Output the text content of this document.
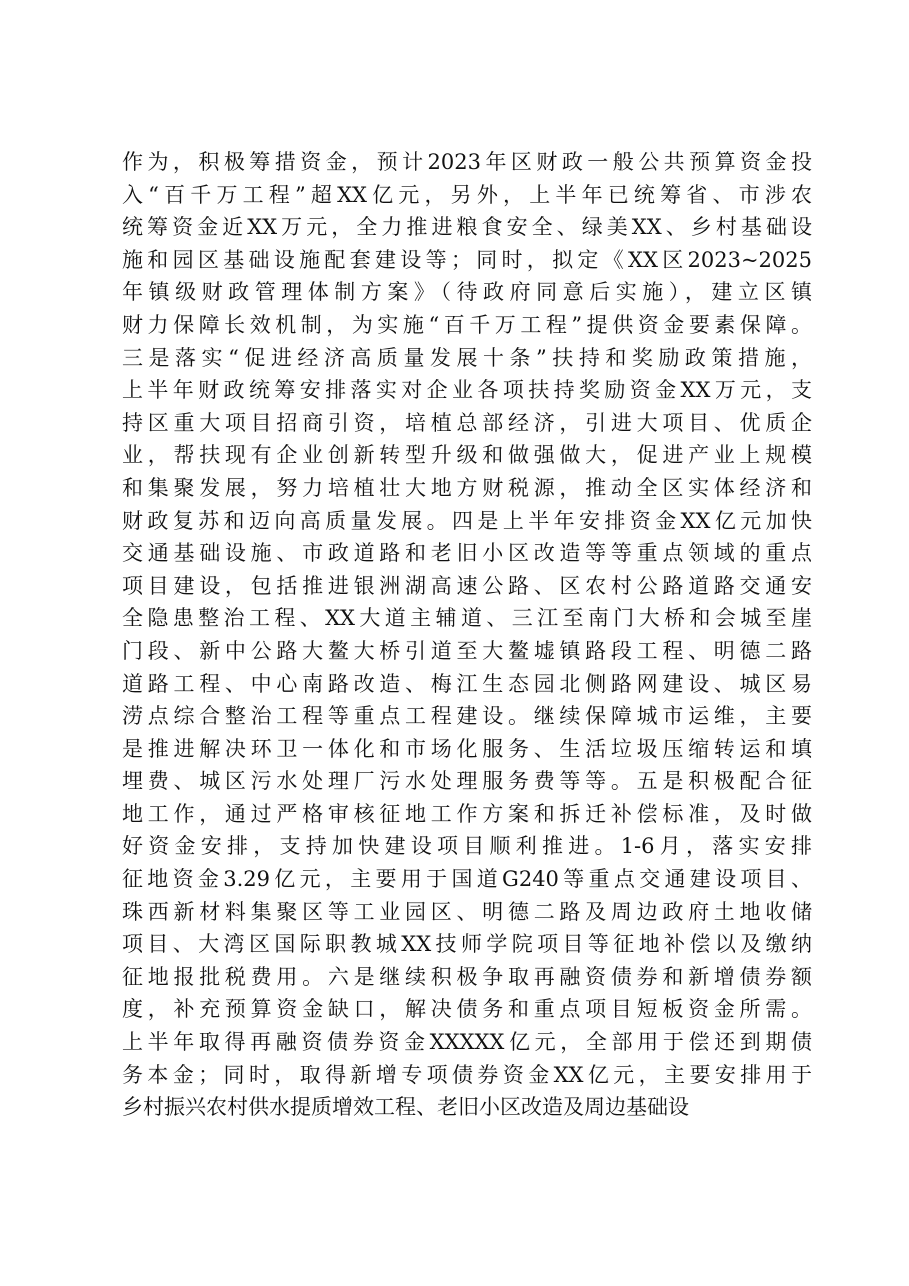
作为，积极筹措资金，预计2023年区财政一般公共预算资金投
入“百千万工程”超XX亿元，另外，上半年已统筹省、市涉农
统筹资金近XX万元，全力推进粮食安全、绿美XX、乡村基础设
施和园区基础设施配套建设等；同时，拟定《XX区2023~2025
年镇级财政管理体制方案》（待政府同意后实施），建立区镇
财力保障长效机制，为实施“百千万工程”提供资金要素保障。
三是落实“促进经济高质量发展十条”扶持和奖励政策措施，
上半年财政统筹安排落实对企业各项扶持奖励资金XX万元，支
持区重大项目招商引资，培植总部经济，引进大项目、优质企
业，帮扶现有企业创新转型升级和做强做大，促进产业上规模
和集聚发展，努力培植壮大地方财税源，推动全区实体经济和
财政复苏和迈向高质量发展。四是上半年安排资金XX亿元加快
交通基础设施、市政道路和老旧小区改造等等重点领域的重点
项目建设，包括推进银洲湖高速公路、区农村公路道路交通安
全隐患整治工程、XX大道主辅道、三江至南门大桥和会城至崖
门段、新中公路大鳌大桥引道至大鳌墟镇路段工程、明德二路
道路工程、中心南路改造、梅江生态园北侧路网建设、城区易
涝点综合整治工程等重点工程建设。继续保障城市运维，主要
是推进解决环卫一体化和市场化服务、生活垃圾压缩转运和填
埋费、城区污水处理厂污水处理服务费等等。五是积极配合征
地工作，通过严格审核征地工作方案和拆迁补偿标准，及时做
好资金安排，支持加快建设项目顺利推进。1-6月，落实安排
征地资金3.29亿元，主要用于国道G240等重点交通建设项目、
珠西新材料集聚区等工业园区、明德二路及周边政府土地收储
项目、大湾区国际职教城XX技师学院项目等征地补偿以及缴纳
征地报批税费用。六是继续积极争取再融资债券和新增债券额
度，补充预算资金缺口，解决债务和重点项目短板资金所需。
上半年取得再融资债券资金XXXXX亿元，全部用于偿还到期债
务本金；同时，取得新增专项债券资金XX亿元，主要安排用于
乡村振兴农村供水提质增效工程、老旧小区改造及周边基础设
